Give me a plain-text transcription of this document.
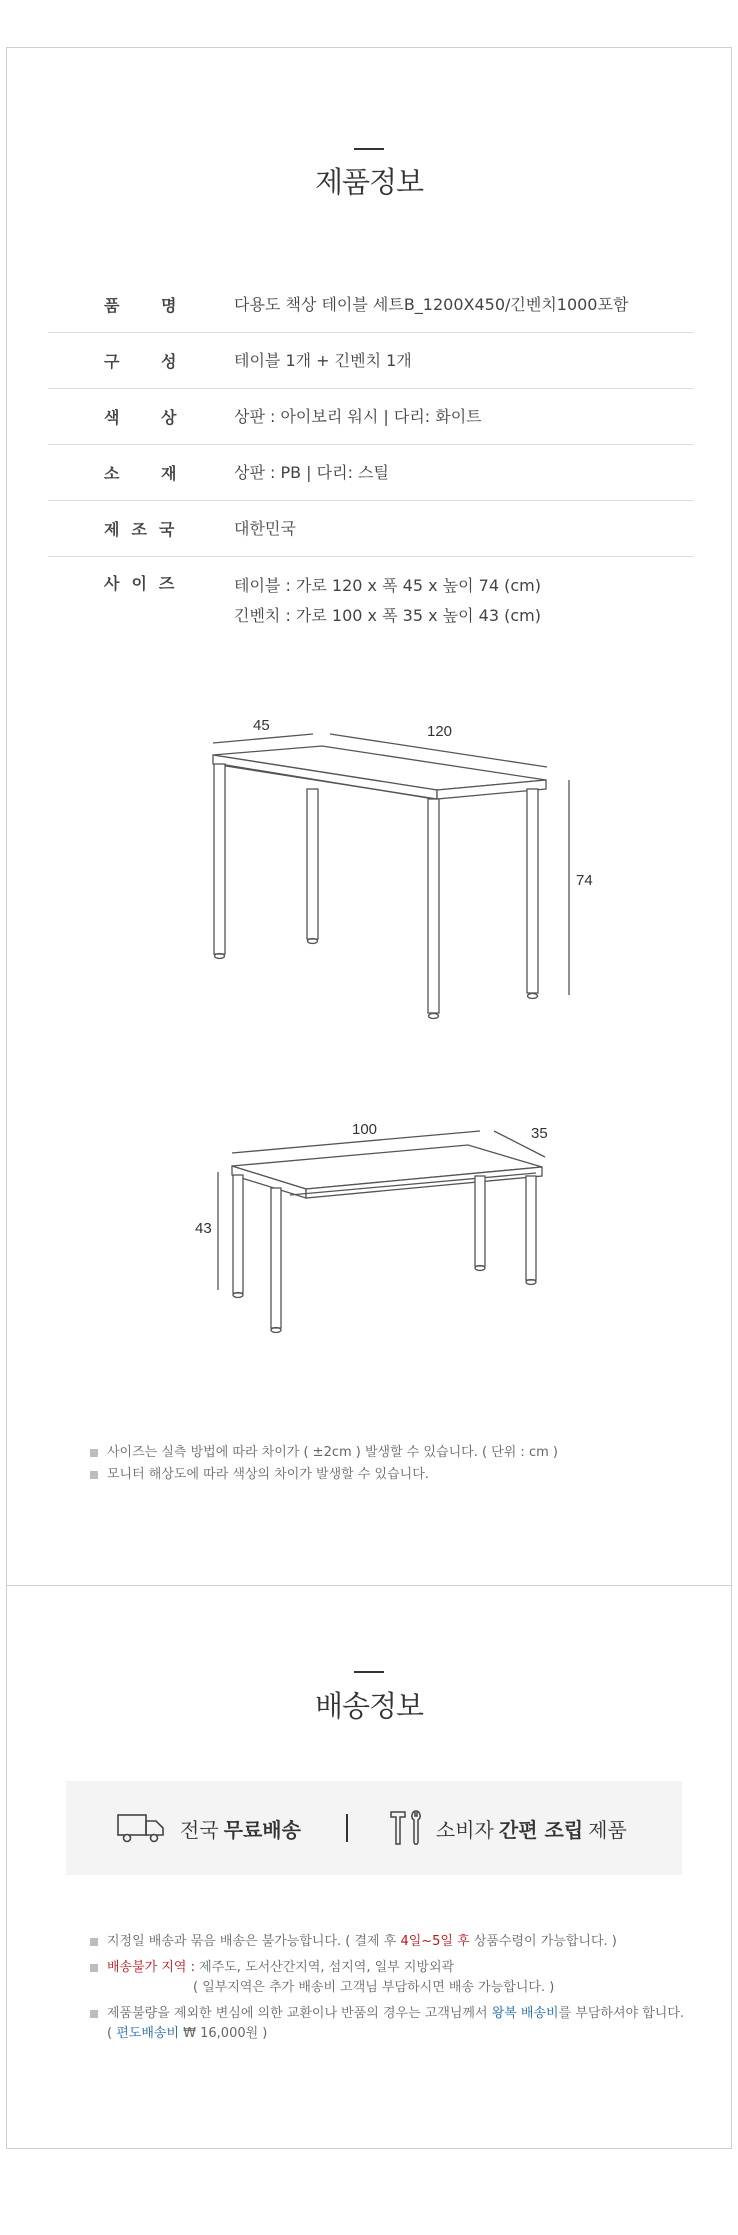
제품정보
품 명	다용도 책상 테이블 세트B_1200X450/긴벤치1000포함
구 성	테이블 1개 + 긴벤치 1개
색 상	상판 : 아이보리 워시 | 다리: 화이트
소 재	상판 : PB | 다리: 스틸
제조국	대한민국
사이즈	테이블 : 가로 120 x 폭 45 x 높이 74 (cm)
긴벤치 : 가로 100 x 폭 35 x 높이 43 (cm)
45	120
74
100	35
43
사이즈는 실측 방법에 따라 차이가 ( ±2cm ) 발생할 수 있습니다. ( 단위 : cm )
모니터 해상도에 따라 색상의 차이가 발생할 수 있습니다.
배송정보
전국 무료배송	소비자 간편 조립 제품
지정일 배송과 묶음 배송은 불가능합니다. ( 결제 후 4일~5일 후 상품수령이 가능합니다. )
배송불가 지역 : 제주도, 도서산간지역, 섬지역, 일부 지방외곽
( 일부지역은 추가 배송비 고객님 부담하시면 배송 가능합니다. )
제품불량을 제외한 변심에 의한 교환이나 반품의 경우는 고객님께서 왕복 배송비를 부담하셔야 합니다.
( 편도배송비 ₩ 16,000원 )
